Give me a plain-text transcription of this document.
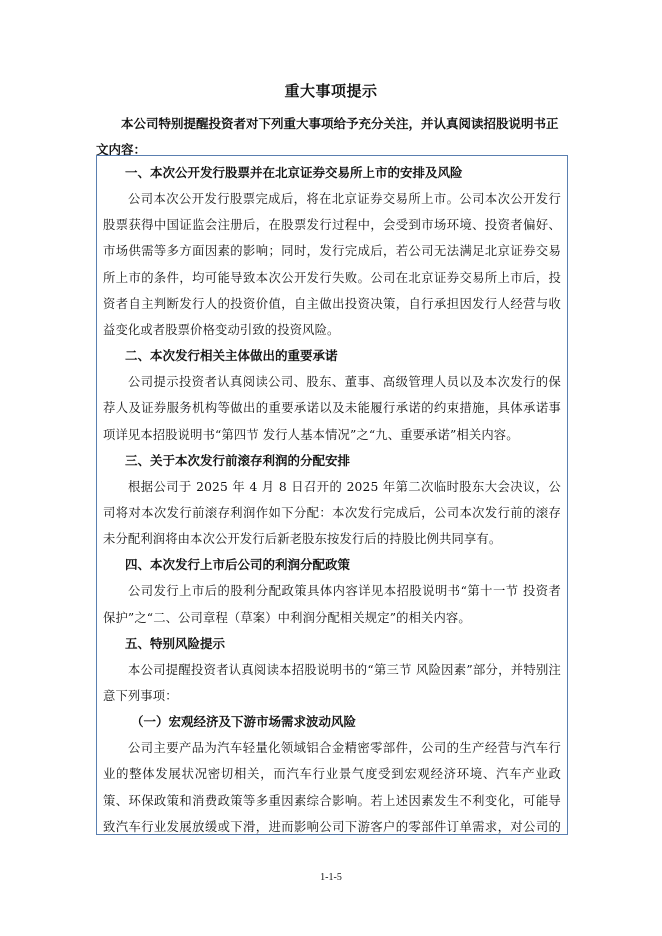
重大事项提示
本公司特别提醒投资者对下列重大事项给予充分关注，并认真阅读招股说明书正文内容：

一、本次公开发行股票并在北京证券交易所上市的安排及风险

公司本次公开发行股票完成后，将在北京证券交易所上市。公司本次公开发行股票获得中国证监会注册后，在股票发行过程中，会受到市场环境、投资者偏好、市场供需等多方面因素的影响；同时，发行完成后，若公司无法满足北京证券交易所上市的条件，均可能导致本次公开发行失败。公司在北京证券交易所上市后，投资者自主判断发行人的投资价值，自主做出投资决策，自行承担因发行人经营与收益变化或者股票价格变动引致的投资风险。

二、本次发行相关主体做出的重要承诺

公司提示投资者认真阅读公司、股东、董事、高级管理人员以及本次发行的保荐人及证券服务机构等做出的重要承诺以及未能履行承诺的约束措施，具体承诺事项详见本招股说明书“第四节 发行人基本情况”之“九、重要承诺”相关内容。

三、关于本次发行前滚存利润的分配安排

根据公司于 2025 年 4 月 8 日召开的 2025 年第二次临时股东大会决议，公司将对本次发行前滚存利润作如下分配：本次发行完成后，公司本次发行前的滚存未分配利润将由本次公开发行后新老股东按发行后的持股比例共同享有。

四、本次发行上市后公司的利润分配政策

公司发行上市后的股利分配政策具体内容详见本招股说明书“第十一节 投资者保护”之“二、公司章程（草案）中利润分配相关规定”的相关内容。

五、特别风险提示

本公司提醒投资者认真阅读本招股说明书的“第三节 风险因素”部分，并特别注意下列事项：

（一）宏观经济及下游市场需求波动风险

公司主要产品为汽车轻量化领域铝合金精密零部件，公司的生产经营与汽车行业的整体发展状况密切相关，而汽车行业景气度受到宏观经济环境、汽车产业政策、环保政策和消费政策等多重因素综合影响。若上述因素发生不利变化，可能导致汽车行业发展放缓或下滑，进而影响公司下游客户的零部件订单需求，对公司的

1-1-5
